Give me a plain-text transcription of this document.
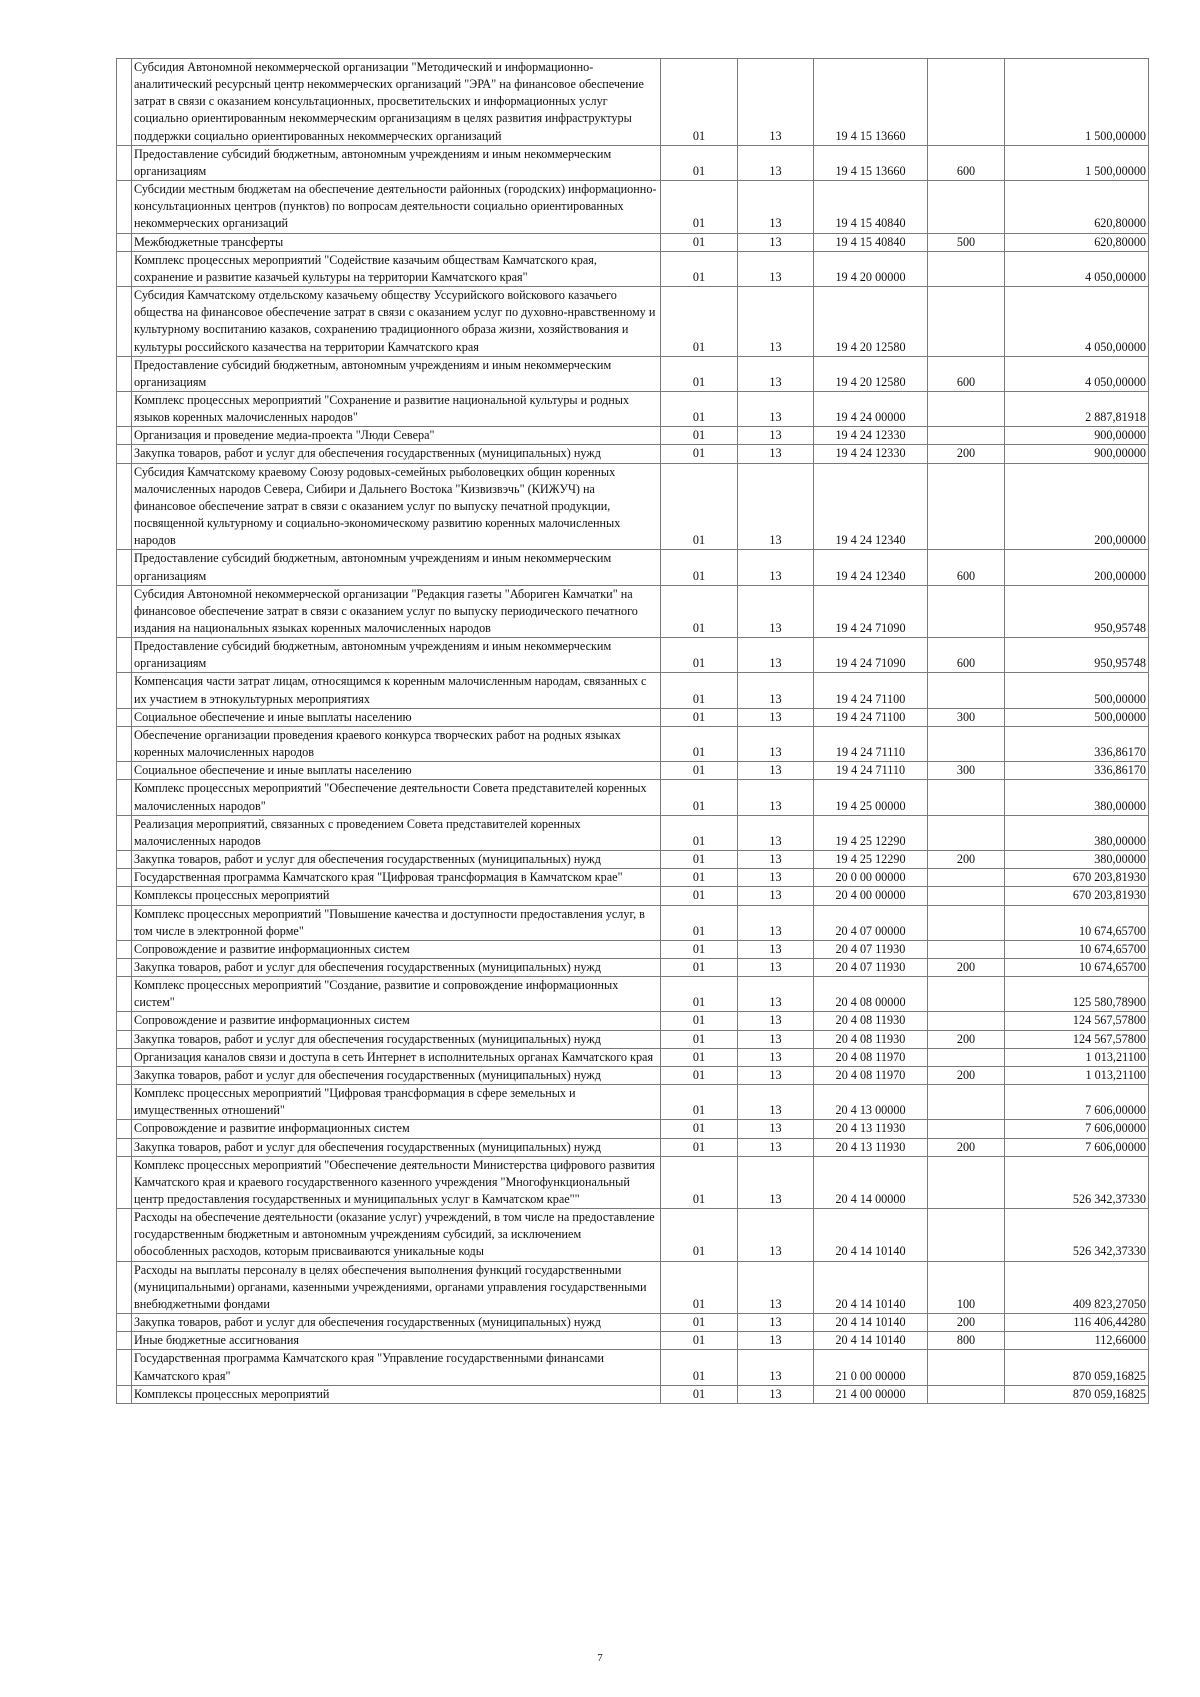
	Субсидия Автономной некоммерческой организации "Методический и информационно-аналитический ресурсный центр некоммерческих организаций "ЭРА" на финансовое обеспечение затрат в связи с оказанием консультационных, просветительских и информационных услуг социально ориентированным некоммерческим организациям в целях развития инфраструктуры поддержки социально ориентированных некоммерческих организаций	01	13	19 4 15 13660		1 500,00000
	Предоставление субсидий бюджетным, автономным учреждениям и иным некоммерческим организациям	01	13	19 4 15 13660	600	1 500,00000
	Субсидии местным бюджетам на обеспечение деятельности районных (городских) информационно-консультационных центров (пунктов) по вопросам деятельности социально ориентированных некоммерческих организаций	01	13	19 4 15 40840		620,80000
	Межбюджетные трансферты	01	13	19 4 15 40840	500	620,80000
	Комплекс процессных мероприятий "Содействие казачьим обществам Камчатского края, сохранение и развитие казачьей культуры на территории Камчатского края"	01	13	19 4 20 00000		4 050,00000
	Субсидия Камчатскому отдельскому казачьему обществу Уссурийского войскового казачьего общества на финансовое обеспечение затрат в связи с оказанием услуг по духовно-нравственному и культурному воспитанию казаков, сохранению традиционного образа жизни, хозяйствования и культуры российского казачества на территории Камчатского края	01	13	19 4 20 12580		4 050,00000
	Предоставление субсидий бюджетным, автономным учреждениям и иным некоммерческим организациям	01	13	19 4 20 12580	600	4 050,00000
	Комплекс процессных мероприятий "Сохранение и развитие национальной культуры и родных языков коренных малочисленных народов"	01	13	19 4 24 00000		2 887,81918
	Организация и проведение медиа-проекта "Люди Севера"	01	13	19 4 24 12330		900,00000
	Закупка товаров, работ и услуг для обеспечения государственных (муниципальных) нужд	01	13	19 4 24 12330	200	900,00000
	Субсидия Камчатскому краевому Союзу родовых-семейных рыболовецких общин коренных малочисленных народов Севера, Сибири и Дальнего Востока "Кизвизвэчь" (КИЖУЧ) на финансовое обеспечение затрат в связи с оказанием услуг по выпуску печатной продукции, посвященной культурному и социально-экономическому развитию коренных малочисленных народов	01	13	19 4 24 12340		200,00000
	Предоставление субсидий бюджетным, автономным учреждениям и иным некоммерческим организациям	01	13	19 4 24 12340	600	200,00000
	Субсидия Автономной некоммерческой организации "Редакция газеты "Абориген Камчатки" на финансовое обеспечение затрат в связи с оказанием услуг по выпуску периодического печатного издания на национальных языках коренных малочисленных народов	01	13	19 4 24 71090		950,95748
	Предоставление субсидий бюджетным, автономным учреждениям и иным некоммерческим организациям	01	13	19 4 24 71090	600	950,95748
	Компенсация части затрат лицам, относящимся к коренным малочисленным народам, связанных с их участием в этнокультурных мероприятиях	01	13	19 4 24 71100		500,00000
	Социальное обеспечение и иные выплаты населению	01	13	19 4 24 71100	300	500,00000
	Обеспечение организации проведения краевого конкурса творческих работ на родных языках коренных малочисленных народов	01	13	19 4 24 71110		336,86170
	Социальное обеспечение и иные выплаты населению	01	13	19 4 24 71110	300	336,86170
	Комплекс процессных мероприятий "Обеспечение деятельности Совета представителей коренных малочисленных народов"	01	13	19 4 25 00000		380,00000
	Реализация мероприятий, связанных с проведением Совета представителей коренных малочисленных народов	01	13	19 4 25 12290		380,00000
	Закупка товаров, работ и услуг для обеспечения государственных (муниципальных) нужд	01	13	19 4 25 12290	200	380,00000
	Государственная программа Камчатского края "Цифровая трансформация в Камчатском крае"	01	13	20 0 00 00000		670 203,81930
	Комплексы процессных мероприятий	01	13	20 4 00 00000		670 203,81930
	Комплекс процессных мероприятий "Повышение качества и доступности предоставления услуг, в том числе в электронной форме"	01	13	20 4 07 00000		10 674,65700
	Сопровождение и развитие информационных систем	01	13	20 4 07 11930		10 674,65700
	Закупка товаров, работ и услуг для обеспечения государственных (муниципальных) нужд	01	13	20 4 07 11930	200	10 674,65700
	Комплекс процессных мероприятий "Создание, развитие и сопровождение информационных систем"	01	13	20 4 08 00000		125 580,78900
	Сопровождение и развитие информационных систем	01	13	20 4 08 11930		124 567,57800
	Закупка товаров, работ и услуг для обеспечения государственных (муниципальных) нужд	01	13	20 4 08 11930	200	124 567,57800
	Организация каналов связи и доступа в сеть Интернет в исполнительных органах Камчатского края	01	13	20 4 08 11970		1 013,21100
	Закупка товаров, работ и услуг для обеспечения государственных (муниципальных) нужд	01	13	20 4 08 11970	200	1 013,21100
	Комплекс процессных мероприятий "Цифровая трансформация в сфере земельных и имущественных отношений"	01	13	20 4 13 00000		7 606,00000
	Сопровождение и развитие информационных систем	01	13	20 4 13 11930		7 606,00000
	Закупка товаров, работ и услуг для обеспечения государственных (муниципальных) нужд	01	13	20 4 13 11930	200	7 606,00000
	Комплекс процессных мероприятий "Обеспечение деятельности Министерства цифрового развития Камчатского края и краевого государственного казенного учреждения "Многофункциональный центр предоставления государственных и муниципальных услуг в Камчатском крае""	01	13	20 4 14 00000		526 342,37330
	Расходы на обеспечение деятельности (оказание услуг) учреждений, в том числе на предоставление государственным бюджетным и автономным учреждениям субсидий, за исключением обособленных расходов, которым присваиваются уникальные коды	01	13	20 4 14 10140		526 342,37330
	Расходы на выплаты персоналу в целях обеспечения выполнения функций государственными (муниципальными) органами, казенными учреждениями, органами управления государственными внебюджетными фондами	01	13	20 4 14 10140	100	409 823,27050
	Закупка товаров, работ и услуг для обеспечения государственных (муниципальных) нужд	01	13	20 4 14 10140	200	116 406,44280
	Иные бюджетные ассигнования	01	13	20 4 14 10140	800	112,66000
	Государственная программа Камчатского края "Управление государственными финансами Камчатского края"	01	13	21 0 00 00000		870 059,16825
	Комплексы процессных мероприятий	01	13	21 4 00 00000		870 059,16825
7
